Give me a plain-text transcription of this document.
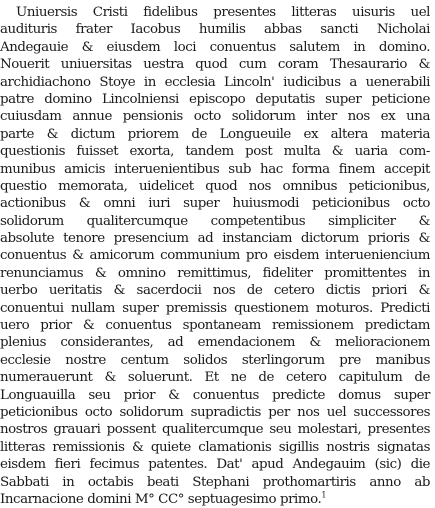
Uniuersis Cristi fidelibus presentes litteras uisuris uel
audituris frater Iacobus humilis abbas sancti Nicholai
Andegauie & eiusdem loci conuentus salutem in domino.
Nouerit uniuersitas uestra quod cum coram Thesaurario &
archidiachono Stoye in ecclesia Lincoln' iudicibus a uenerabili
patre domino Lincolniensi episcopo deputatis super peticione
cuiusdam annue pensionis octo solidorum inter nos ex una
parte & dictum priorem de Longueuile ex altera materia
questionis fuisset exorta, tandem post multa & uaria com-
munibus amicis interuenientibus sub hac forma finem accepit
questio memorata, uidelicet quod nos omnibus peticionibus,
actionibus & omni iuri super huiusmodi peticionibus octo
solidorum qualitercumque competentibus simpliciter &
absolute tenore presencium ad instanciam dictorum prioris &
conuentus & amicorum communium pro eisdem interueniencium
renunciamus & omnino remittimus, fideliter promittentes in
uerbo ueritatis & sacerdocii nos de cetero dictis priori &
conuentui nullam super premissis questionem moturos. Predicti
uero prior & conuentus spontaneam remissionem predictam
plenius considerantes, ad emendacionem & melioracionem
ecclesie nostre centum solidos sterlingorum pre manibus
numerauerunt & soluerunt. Et ne de cetero capitulum de
Longuauilla seu prior & conuentus predicte domus super
peticionibus octo solidorum supradictis per nos uel successores
nostros grauari possent qualitercumque seu molestari, presentes
litteras remissionis & quiete clamationis sigillis nostris signatas
eisdem fieri fecimus patentes. Dat' apud Andegauim (sic) die
Sabbati in octabis beati Stephani prothomartiris anno ab
Incarnacione domini M° CC° septuagesimo primo.$^1$
